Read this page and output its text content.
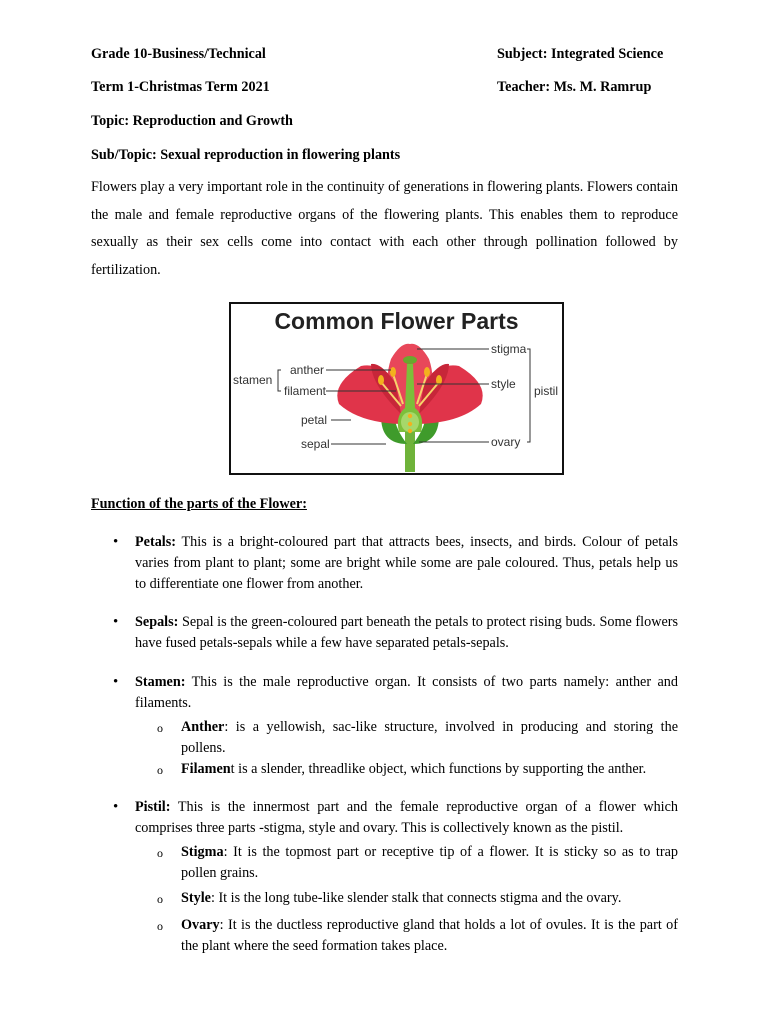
Grade 10-Business/Technical	Subject: Integrated Science
Term 1-Christmas Term 2021	Teacher: Ms. M. Ramrup
Topic: Reproduction and Growth
Sub/Topic: Sexual reproduction in flowering plants
Flowers play a very important role in the continuity of generations in flowering plants. Flowers contain the male and female reproductive organs of the flowering plants. This enables them to reproduce sexually as their sex cells come into contact with each other through pollination followed by fertilization.
Common Flower Parts
stamen
anther
filament
petal
sepal
stigma
style
ovary
pistil
Function of the parts of the Flower:
• Petals: This is a bright-coloured part that attracts bees, insects, and birds. Colour of petals varies from plant to plant; some are bright while some are pale coloured. Thus, petals help us to differentiate one flower from another.
• Sepals: Sepal is the green-coloured part beneath the petals to protect rising buds. Some flowers have fused petals-sepals while a few have separated petals-sepals.
• Stamen: This is the male reproductive organ. It consists of two parts namely: anther and filaments.
o Anther: is a yellowish, sac-like structure, involved in producing and storing the pollens.
o Filament is a slender, threadlike object, which functions by supporting the anther.
• Pistil: This is the innermost part and the female reproductive organ of a flower which comprises three parts -stigma, style and ovary. This is collectively known as the pistil.
o Stigma: It is the topmost part or receptive tip of a flower. It is sticky so as to trap pollen grains.
o Style: It is the long tube-like slender stalk that connects stigma and the ovary.
o Ovary: It is the ductless reproductive gland that holds a lot of ovules. It is the part of the plant where the seed formation takes place.
